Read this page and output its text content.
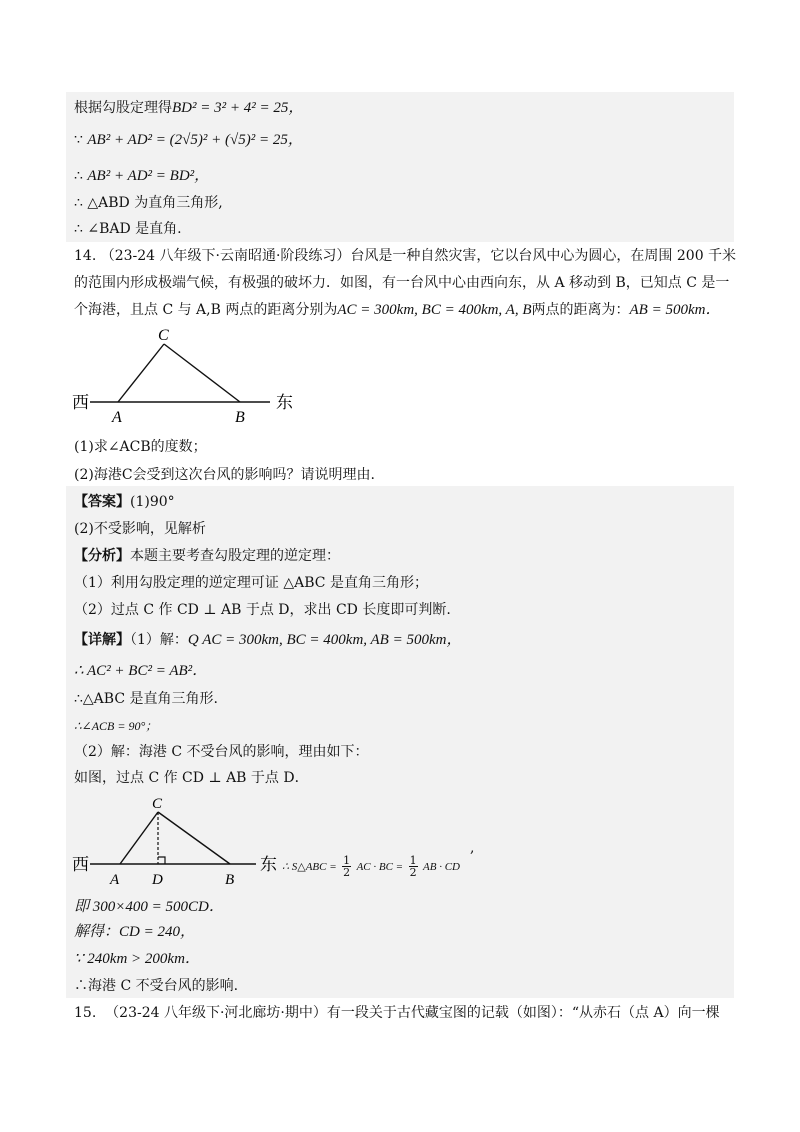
根据勾股定理得BD² = 3² + 4² = 25，
∵ AB² + AD² = (2√5)² + (√5)² = 25，
∴ AB² + AD² = BD²，
∴ △ABD 为直角三角形,
∴ ∠BAD 是直角.
14. （23-24 八年级下·云南昭通·阶段练习）台风是一种自然灾害，它以台风中心为圆心，在周围 200 千米
的范围内形成极端气候，有极强的破坏力．如图，有一台风中心由西向东，从 A 移动到 B，已知点 C 是一
个海港，且点 C 与 A,B 两点的距离分别为AC = 300km, BC = 400km, A, B两点的距离为：AB = 500km．
西	东
A	B
C
(1)求∠ACB的度数；
(2)海港C会受到这次台风的影响吗？请说明理由.
【答案】(1)90°
(2)不受影响，见解析
【分析】本题主要考查勾股定理的逆定理：
（1）利用勾股定理的逆定理可证 △ABC 是直角三角形；
（2）过点 C 作 CD ⊥ AB 于点 D，求出 CD 长度即可判断.
【详解】（1）解：Q AC = 300km, BC = 400km, AB = 500km，
∴ AC² + BC² = AB²．
∴△ABC 是直角三角形.
∴∠ACB = 90°；
（2）解：海港 C 不受台风的影响，理由如下：
如图，过点 C 作 CD ⊥ AB 于点 D．
西	东
A D	B
C
∴ S△ABC = $\frac{1}{2}$ AC · BC = $\frac{1}{2}$ AB · CD
,
即 300×400 = 500CD．
解得：CD = 240，
∵ 240km > 200km．
∴海港 C 不受台风的影响.
15. （23-24 八年级下·河北廊坊·期中）有一段关于古代藏宝图的记载（如图）：“从赤石（点 A）向一棵
